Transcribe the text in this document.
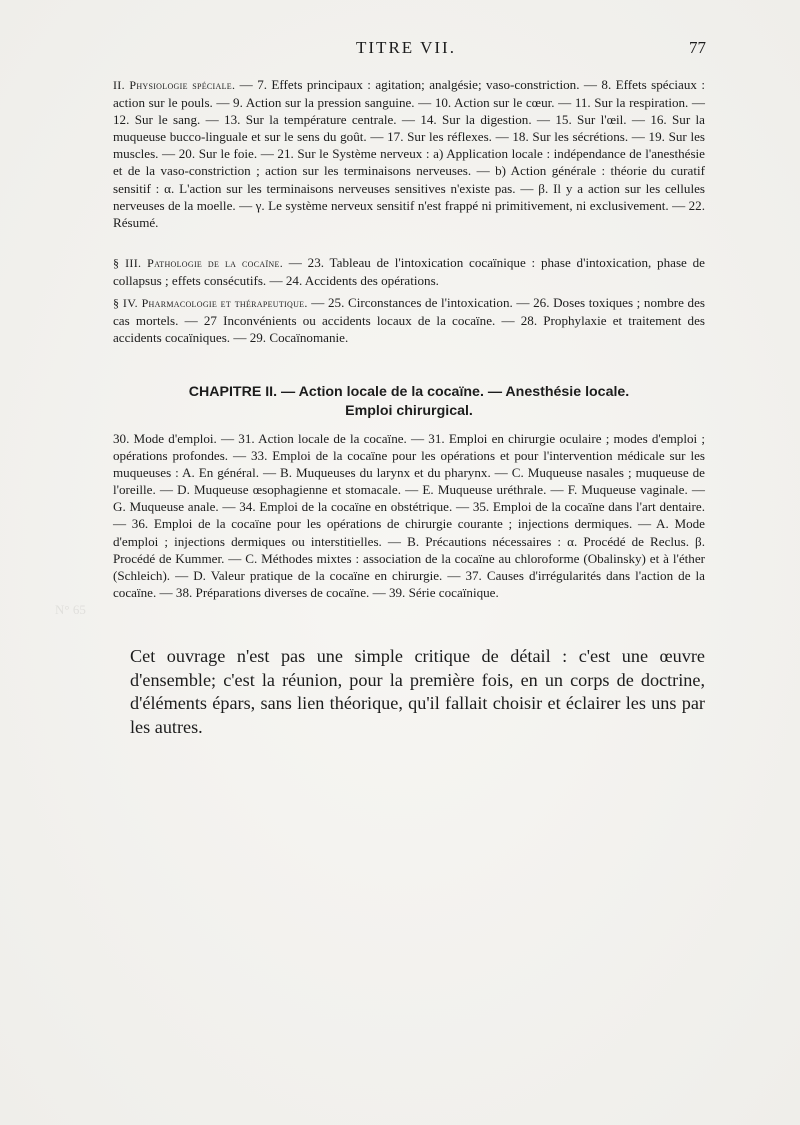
TITRE VII.	77
II. Physiologie spéciale. — 7. Effets principaux : agitation; analgésie; vaso-constriction. — 8. Effets spéciaux : action sur le pouls. — 9. Action sur la pression sanguine. — 10. Action sur le cœur. — 11. Sur la respiration. — 12. Sur le sang. — 13. Sur la température centrale. — 14. Sur la digestion. — 15. Sur l'œil. — 16. Sur la muqueuse bucco-linguale et sur le sens du goût. — 17. Sur les réflexes. — 18. Sur les sécrétions. — 19. Sur les muscles. — 20. Sur le foie. — 21. Sur le Système nerveux : a) Application locale : indépendance de l'anesthésie et de la vaso-constriction ; action sur les terminaisons nerveuses. — b) Action générale : théorie du curatif sensitif : α. L'action sur les terminaisons nerveuses sensitives n'existe pas. — β. Il y a action sur les cellules nerveuses de la moelle. — γ. Le système nerveux sensitif n'est frappé ni primitivement, ni exclusivement. — 22. Résumé.
§ III. Pathologie de la cocaïne. — 23. Tableau de l'intoxication cocaïnique : phase d'intoxication, phase de collapsus ; effets consécutifs. — 24. Accidents des opérations.
§ IV. Pharmacologie et thérapeutique. — 25. Circonstances de l'intoxication. — 26. Doses toxiques ; nombre des cas mortels. — 27 Inconvénients ou accidents locaux de la cocaïne. — 28. Prophylaxie et traitement des accidents cocaïniques. — 29. Cocaïnomanie.
CHAPITRE II. — Action locale de la cocaïne. — Anesthésie locale.
Emploi chirurgical.
30. Mode d'emploi. — 31. Action locale de la cocaïne. — 31. Emploi en chirurgie oculaire ; modes d'emploi ; opérations profondes. — 33. Emploi de la cocaïne pour les opérations et pour l'intervention médicale sur les muqueuses : A. En général. — B. Muqueuses du larynx et du pharynx. — C. Muqueuse nasales ; muqueuse de l'oreille. — D. Muqueuse œsophagienne et stomacale. — E. Muqueuse uréthrale. — F. Muqueuse vaginale. — G. Muqueuse anale. — 34. Emploi de la cocaïne en obstétrique. — 35. Emploi de la cocaïne dans l'art dentaire. — 36. Emploi de la cocaïne pour les opérations de chirurgie courante ; injections dermiques. — A. Mode d'emploi ; injections dermiques ou interstitielles. — B. Précautions nécessaires : α. Procédé de Reclus. β. Procédé de Kummer. — C. Méthodes mixtes : association de la cocaïne au chloroforme (Obalinsky) et à l'éther (Schleich). — D. Valeur pratique de la cocaïne en chirurgie. — 37. Causes d'irrégularités dans l'action de la cocaïne. — 38. Préparations diverses de cocaïne. — 39. Série cocaïnique.
Cet ouvrage n'est pas une simple critique de détail : c'est une œuvre d'ensemble; c'est la réunion, pour la première fois, en un corps de doctrine, d'éléments épars, sans lien théorique, qu'il fallait choisir et éclairer les uns par les autres.
N° 65
